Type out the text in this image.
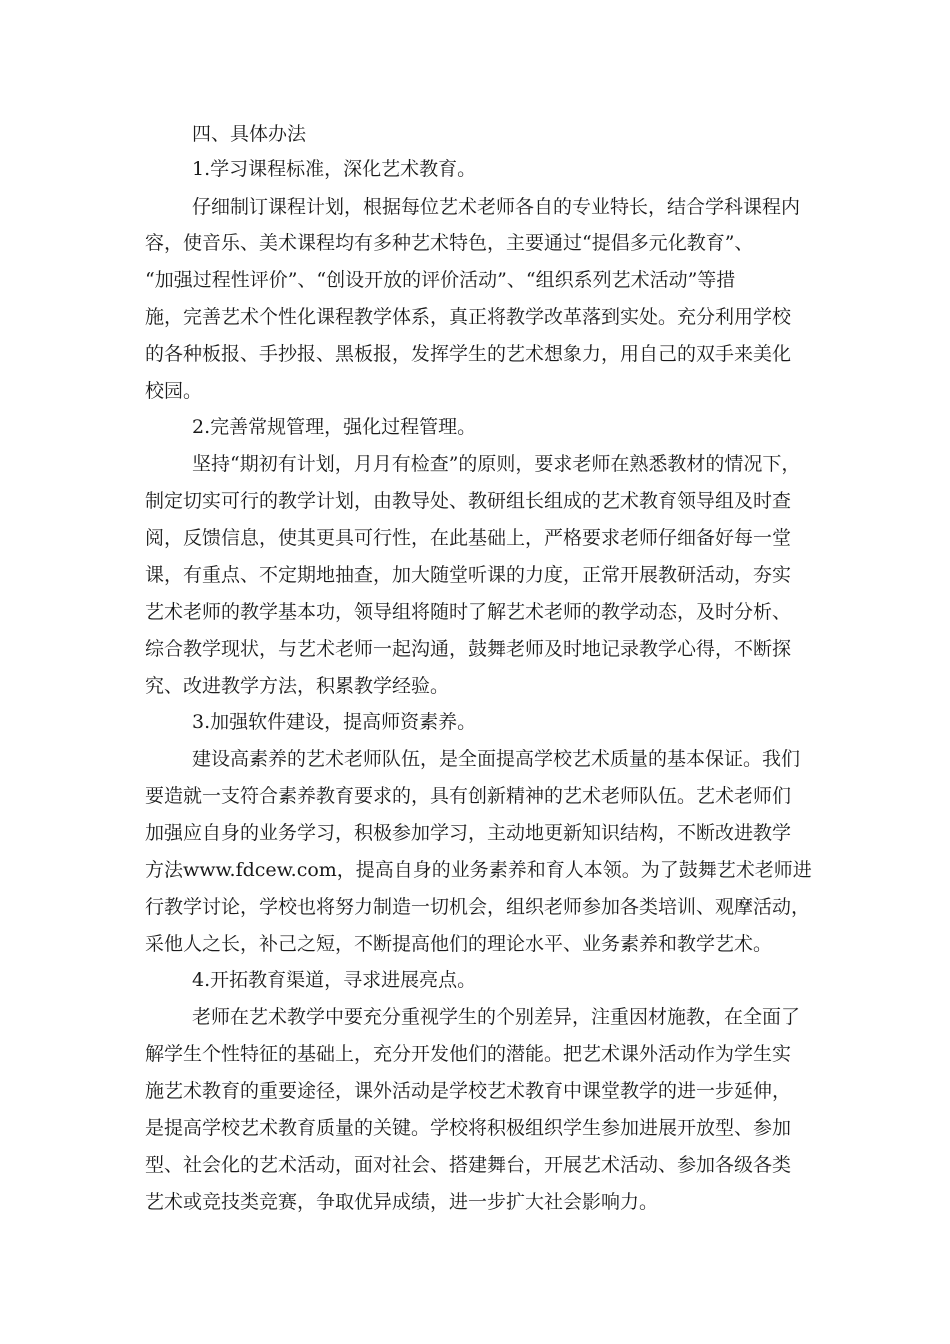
四、具体办法
1.学习课程标准，深化艺术教育。
仔细制订课程计划，根据每位艺术老师各自的专业特长，结合学科课程内
容，使音乐、美术课程均有多种艺术特色，主要通过“提倡多元化教育”、
“加强过程性评价”、“创设开放的评价活动”、“组织系列艺术活动”等措
施，完善艺术个性化课程教学体系，真正将教学改革落到实处。充分利用学校
的各种板报、手抄报、黑板报，发挥学生的艺术想象力，用自己的双手来美化
校园。
2.完善常规管理，强化过程管理。
坚持“期初有计划，月月有检查”的原则，要求老师在熟悉教材的情况下，
制定切实可行的教学计划，由教导处、教研组长组成的艺术教育领导组及时查
阅，反馈信息，使其更具可行性，在此基础上，严格要求老师仔细备好每一堂
课，有重点、不定期地抽查，加大随堂听课的力度，正常开展教研活动，夯实
艺术老师的教学基本功，领导组将随时了解艺术老师的教学动态，及时分析、
综合教学现状，与艺术老师一起沟通，鼓舞老师及时地记录教学心得，不断探
究、改进教学方法，积累教学经验。
3.加强软件建设，提高师资素养。
建设高素养的艺术老师队伍，是全面提高学校艺术质量的基本保证。我们
要造就一支符合素养教育要求的，具有创新精神的艺术老师队伍。艺术老师们
加强应自身的业务学习，积极参加学习，主动地更新知识结构，不断改进教学
方法www.fdcew.com，提高自身的业务素养和育人本领。为了鼓舞艺术老师进
行教学讨论，学校也将努力制造一切机会，组织老师参加各类培训、观摩活动，
采他人之长，补己之短，不断提高他们的理论水平、业务素养和教学艺术。
4.开拓教育渠道，寻求进展亮点。
老师在艺术教学中要充分重视学生的个别差异，注重因材施教，在全面了
解学生个性特征的基础上，充分开发他们的潜能。把艺术课外活动作为学生实
施艺术教育的重要途径，课外活动是学校艺术教育中课堂教学的进一步延伸，
是提高学校艺术教育质量的关键。学校将积极组织学生参加进展开放型、参加
型、社会化的艺术活动，面对社会、搭建舞台，开展艺术活动、参加各级各类
艺术或竞技类竞赛，争取优异成绩，进一步扩大社会影响力。
